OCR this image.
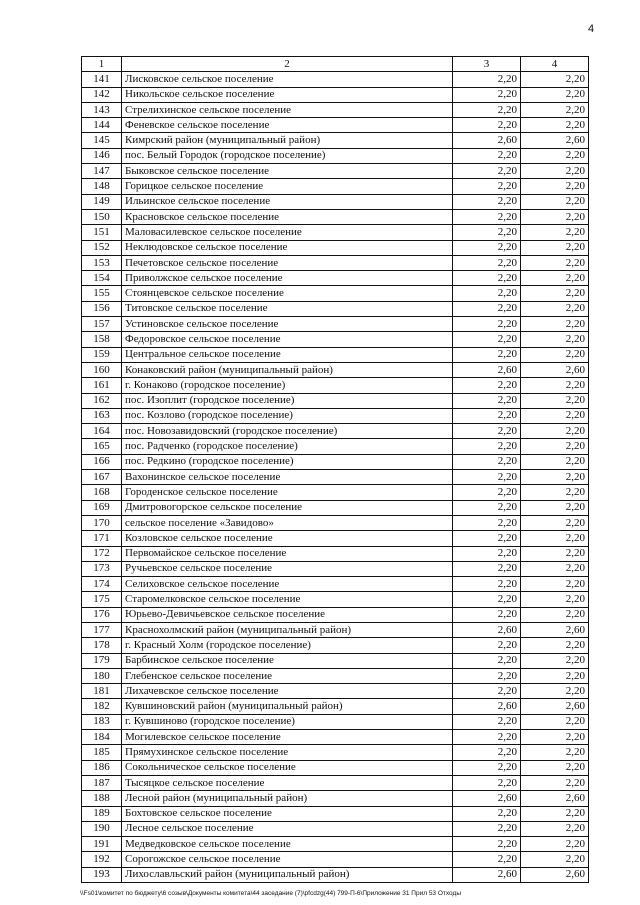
4
1	2	3	4
141	Лисковское сельское поселение	2,20	2,20
142	Никольское сельское поселение	2,20	2,20
143	Стрелихинское сельское поселение	2,20	2,20
144	Феневское сельское поселение	2,20	2,20
145	Кимрский район (муниципальный район)	2,60	2,60
146	пос. Белый Городок (городское поселение)	2,20	2,20
147	Быковское сельское поселение	2,20	2,20
148	Горицкое сельское поселение	2,20	2,20
149	Ильинское сельское поселение	2,20	2,20
150	Красновское сельское поселение	2,20	2,20
151	Маловасилевское сельское поселение	2,20	2,20
152	Неклюдовское сельское поселение	2,20	2,20
153	Печетовское сельское поселение	2,20	2,20
154	Приволжское сельское поселение	2,20	2,20
155	Стоянцевское сельское поселение	2,20	2,20
156	Титовское сельское поселение	2,20	2,20
157	Устиновское сельское поселение	2,20	2,20
158	Федоровское сельское поселение	2,20	2,20
159	Центральное сельское поселение	2,20	2,20
160	Конаковский район (муниципальный район)	2,60	2,60
161	г. Конаково (городское поселение)	2,20	2,20
162	пос. Изоплит (городское поселение)	2,20	2,20
163	пос. Козлово (городское поселение)	2,20	2,20
164	пос. Новозавидовский (городское поселение)	2,20	2,20
165	пос. Радченко (городское поселение)	2,20	2,20
166	пос. Редкино (городское поселение)	2,20	2,20
167	Вахонинское сельское поселение	2,20	2,20
168	Городенское сельское поселение	2,20	2,20
169	Дмитровогорское сельское поселение	2,20	2,20
170	сельское поселение «Завидово»	2,20	2,20
171	Козловское сельское поселение	2,20	2,20
172	Первомайское сельское поселение	2,20	2,20
173	Ручьевское сельское поселение	2,20	2,20
174	Селиховское сельское поселение	2,20	2,20
175	Старомелковское сельское поселение	2,20	2,20
176	Юрьево-Девичьевское сельское поселение	2,20	2,20
177	Краснохолмский район (муниципальный район)	2,60	2,60
178	г. Красный Холм (городское поселение)	2,20	2,20
179	Барбинское сельское поселение	2,20	2,20
180	Глебенское сельское поселение	2,20	2,20
181	Лихачевское сельское поселение	2,20	2,20
182	Кувшиновский район (муниципальный район)	2,60	2,60
183	г. Кувшиново (городское поселение)	2,20	2,20
184	Могилевское сельское поселение	2,20	2,20
185	Прямухинское сельское поселение	2,20	2,20
186	Сокольническое сельское поселение	2,20	2,20
187	Тысяцкое сельское поселение	2,20	2,20
188	Лесной район (муниципальный район)	2,60	2,60
189	Бохтовское сельское поселение	2,20	2,20
190	Лесное сельское поселение	2,20	2,20
191	Медведковское сельское поселение	2,20	2,20
192	Сорогожское сельское поселение	2,20	2,20
193	Лихославльский район (муниципальный район)	2,60	2,60
\\Fs01\комитет по бюджету\6 созыв\Документы комитета\44 заседание (7)\pfcdzg(44) 799-П-6\Приложение 31 Прил 53 Отходы
